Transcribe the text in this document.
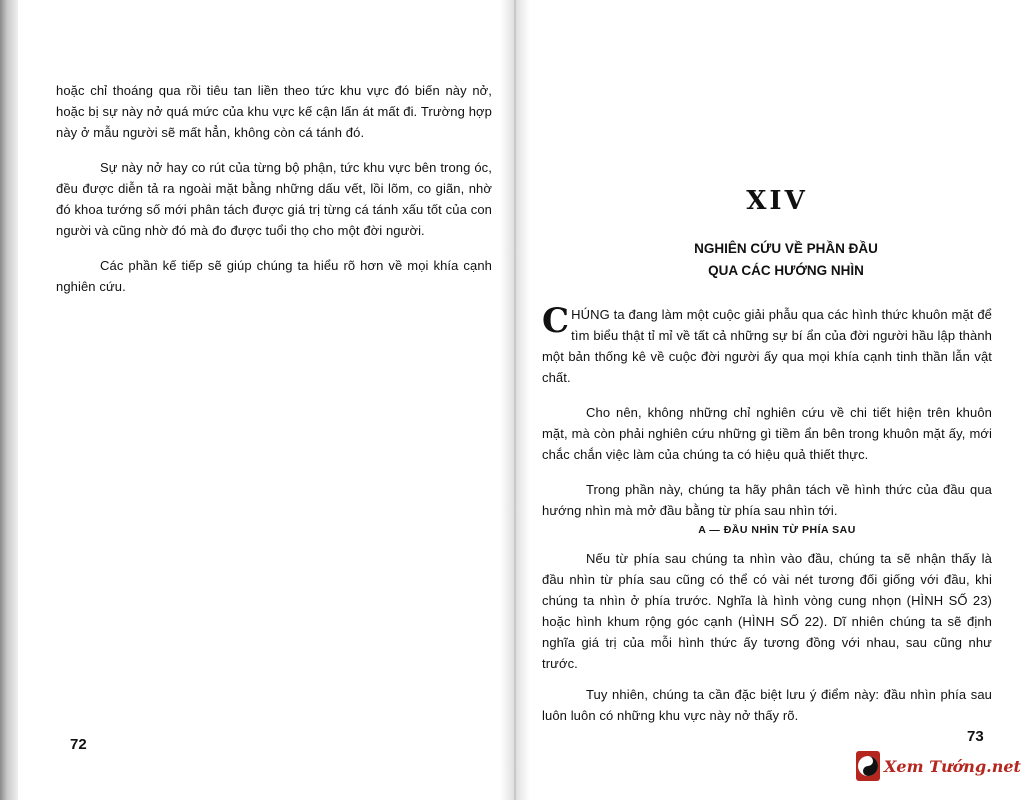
hoặc chỉ thoáng qua rồi tiêu tan liền theo tức khu vực đó biến này nở, hoặc bị sự này nở quá mức của khu vực kế cận lấn át mất đi. Trường hợp này ở mẫu người sẽ mất hẳn, không còn cá tánh đó.

Sự này nở hay co rút của từng bộ phận, tức khu vực bên trong óc, đều được diễn tả ra ngoài mặt bằng những dấu vết, lồi lõm, co giãn, nhờ đó khoa tướng số mới phân tách được giá trị từng cá tánh xấu tốt của con người và cũng nhờ đó mà đo được tuổi thọ cho một đời người.

Các phần kế tiếp sẽ giúp chúng ta hiểu rõ hơn về mọi khía cạnh nghiên cứu.

72
XIV
NGHIÊN CỨU VỀ PHẦN ĐẦU
QUA CÁC HƯỚNG NHÌN

CHÚNG ta đang làm một cuộc giải phẫu qua các hình thức khuôn mặt để tìm biểu thật tỉ mỉ về tất cả những sự bí ẩn của đời người hầu lập thành một bản thống kê về cuộc đời người ấy qua mọi khía cạnh tinh thần lẫn vật chất.

Cho nên, không những chỉ nghiên cứu về chi tiết hiện trên khuôn mặt, mà còn phải nghiên cứu những gì tiềm ẩn bên trong khuôn mặt ấy, mới chắc chắn việc làm của chúng ta có hiệu quả thiết thực.

Trong phần này, chúng ta hãy phân tách về hình thức của đầu qua hướng nhìn mà mở đầu bằng từ phía sau nhìn tới.

A — ĐẦU NHÌN TỪ PHÍA SAU

Nếu từ phía sau chúng ta nhìn vào đầu, chúng ta sẽ nhận thấy là đầu nhìn từ phía sau cũng có thể có vài nét tương đối giống với đầu, khi chúng ta nhìn ở phía trước. Nghĩa là hình vòng cung nhọn (HÌNH SỐ 23) hoặc hình khum rộng góc cạnh (HÌNH SỐ 22). Dĩ nhiên chúng ta sẽ định nghĩa giá trị của mỗi hình thức ấy tương đồng với nhau, sau cũng như trước.

Tuy nhiên, chúng ta cần đặc biệt lưu ý điểm này: đầu nhìn phía sau luôn luôn có những khu vực này nở thấy rõ.

73
Xem Tướng.net
